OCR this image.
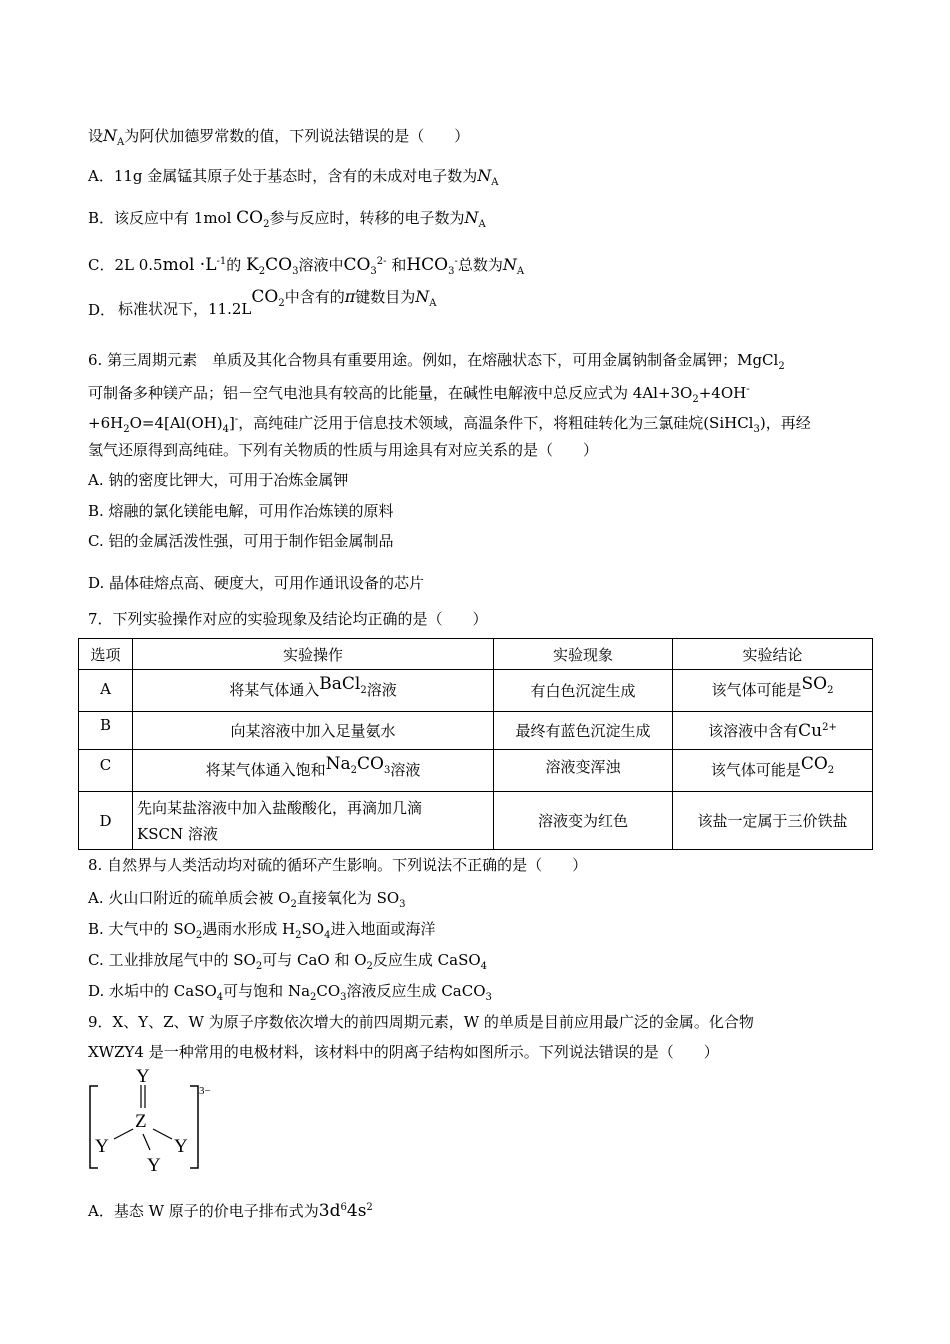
设$N_A$为阿伏加德罗常数的值，下列说法错误的是（　　）
A．11g 金属锰其原子处于基态时，含有的未成对电子数为$N_A$
B．该反应中有 1mol $CO_2$参与反应时，转移的电子数为$N_A$
C．2L $0.5mol \cdot L^{-1}$的 $K_2CO_3$溶液中$CO_3^{2-}$ 和$HCO_3^-$总数为$N_A$
D． 标准状况下，$11.2LCO_2$中含有的π键数目为$N_A$
6. 第三周期元素　单质及其化合物具有重要用途。例如，在熔融状态下，可用金属钠制备金属钾；MgCl$_2$
可制备多种镁产品；铝－空气电池具有较高的比能量，在碱性电解液中总反应式为 $4Al+3O_2+4OH^-$
$+6H_2O=4[Al(OH)_4]^-$，高纯硅广泛用于信息技术领域，高温条件下，将粗硅转化为三氯硅烷(SiHCl$_3$)，再经
氢气还原得到高纯硅。下列有关物质的性质与用途具有对应关系的是（　　）
A. 钠的密度比钾大，可用于冶炼金属钾
B. 熔融的氯化镁能电解，可用作冶炼镁的原料
C. 铝的金属活泼性强，可用于制作铝金属制品
D. 晶体硅熔点高、硬度大，可用作通讯设备的芯片
7．下列实验操作对应的实验现象及结论均正确的是（　　）
选项	实验操作	实验现象	实验结论
A	将某气体通入BaCl$_2$溶液	有白色沉淀生成	该气体可能是$SO_2$
B	向某溶液中加入足量氨水	最终有蓝色沉淀生成	该溶液中含有$Cu^{2+}$
C	将某气体通入饱和$Na_2CO_3$溶液	溶液变浑浊	该气体可能是$CO_2$
D	先向某盐溶液中加入盐酸酸化，再滴加几滴
KSCN 溶液	溶液变为红色	该盐一定属于三价铁盐
8. 自然界与人类活动均对硫的循环产生影响。下列说法不正确的是（　　）
A. 火山口附近的硫单质会被 $O_2$直接氧化为 $SO_3$
B. 大气中的 $SO_2$遇雨水形成 $H_2SO_4$进入地面或海洋
C. 工业排放尾气中的 $SO_2$可与 CaO 和 $O_2$反应生成 CaSO$_4$
D. 水垢中的 CaSO$_4$可与饱和 $Na_2CO_3$溶液反应生成 CaCO$_3$
9．X、Y、Z、W 为原子序数依次增大的前四周期元素，W 的单质是目前应用最广泛的金属。化合物
XWZY4 是一种常用的电极材料，该材料中的阴离子结构如图所示。下列说法错误的是（　　）
Y
Z
Y	Y
Y
3−
A．基态 W 原子的价电子排布式为$3d^64s^2$
